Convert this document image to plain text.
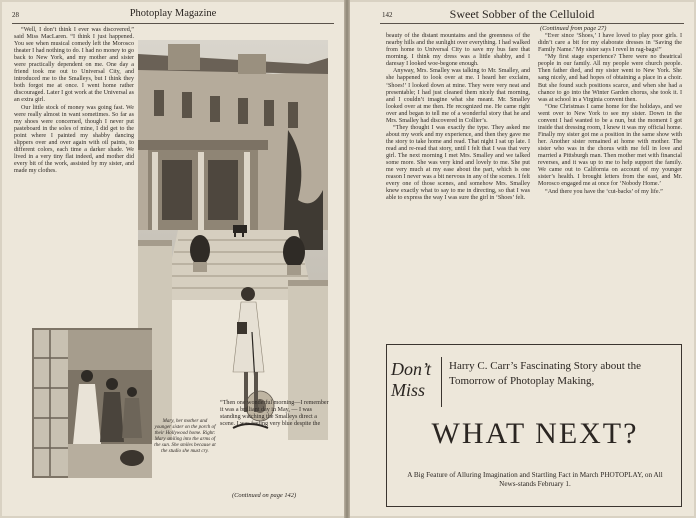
28	Photoplay Magazine

“Well, I don’t think I ever was discovered,” said Miss MacLaren. “I think I just happened. You see when musical comedy left the Morosco theater I had nothing to do. I had no money to go back to New York, and my mother and sister were practically dependent on me. One day a friend took me out to Universal City, and introduced me to the Smalleys, but I think they both forgot me at once. I went home rather discouraged. Later I got work at the Universal as an extra girl.

Our little stock of money was going fast. We were really almost in want sometimes. So far as my shoes were concerned, though I never put pasteboard in the soles of mine, I did get to the point where I painted my shabby dancing slippers over and over again with oil paints, to different colors, each time a darker shade. We lived in a very tiny flat indeed, and mother did every bit of the work, assisted by my sister, and made my clothes.

Mary, her mother and younger sister on the porch of their Hollywood home. Right: Mary smiling into the arms of the sun. She smiles because at the studio she must cry.
“Then one wonderful morning—I remember it was a brilliant day in May, — I was standing watching the Smalleys direct a scene. I was feeling very blue despite the
(Continued on page 142)
142	Sweet Sobber of the Celluloid
(Continued from page 27)

beauty of the distant mountains and the greenness of the nearby hills and the sunlight over everything. I had walked from home to Universal City to save my bus fare that morning. I think my dress was a little shabby, and I daresay I looked woe-begone enough.

Anyway, Mrs. Smalley was talking to Mr. Smalley, and she happened to look over at me. I heard her exclaim, ‘Shoes!’ I looked down at mine. They were very neat and presentable; I had just cleaned them nicely that morning, and I couldn’t imagine what she meant. Mr. Smalley looked over at me then. He recognized me. He came right over and began to tell me of a wonderful story that he and Mrs. Smalley had discovered in Collier’s.

“They thought I was exactly the type. They asked me about my work and my experience, and then they gave me the story to take home and read. That night I sat up late. I read and re-read that story, until I felt that I was that very girl. The next morning I met Mrs. Smalley and we talked some more. She was very kind and lovely to me. She put me very much at my ease about the part, which is one reason I never was a bit nervous in any of the scenes. I felt every one of those scenes, and somehow Mrs. Smalley knew exactly what to say to me in directing, so that I was able to express the way I was sure the girl in ‘Shoes’ felt.

“Ever since ‘Shoes,’ I have loved to play poor girls. I didn’t care a bit for my elaborate dresses in ‘Saving the Family Name.’ My sister says I revel in rag-bags!”

“My first stage experience? There were no theatrical people in our family. All my people were church people. Then father died, and my sister went to New York. She sang nicely, and had hopes of obtaining a place in a choir. But she found such positions scarce, and when she had a chance to go into the Winter Garden chorus, she took it. I was at school in a Virginia convent then.

“One Christmas I came home for the holidays, and we went over to New York to see my sister. Down in the convent I had wanted to be a nun, but the moment I got inside that dressing room, I knew it was my official home. Finally my sister got me a position in the same show with her. Another sister remained at home with mother. The sister who was in the chorus with me fell in love and married a Pittsburgh man. Then mother met with financial reverses, and it was up to me to help support the family. We came out to California on account of my younger sister’s health. I brought letters from the east, and Mr. Morosco engaged me at once for ‘Nobody Home.’

“And there you have the ‘cut-backs’ of my life.”

Don’t
Miss
Harry C. Carr’s Fascinating Story about the Tomorrow of Photoplay Making,
WHAT NEXT?
A Big Feature of Alluring Imagination and Startling Fact in March PHOTOPLAY, on All News-stands February 1.
